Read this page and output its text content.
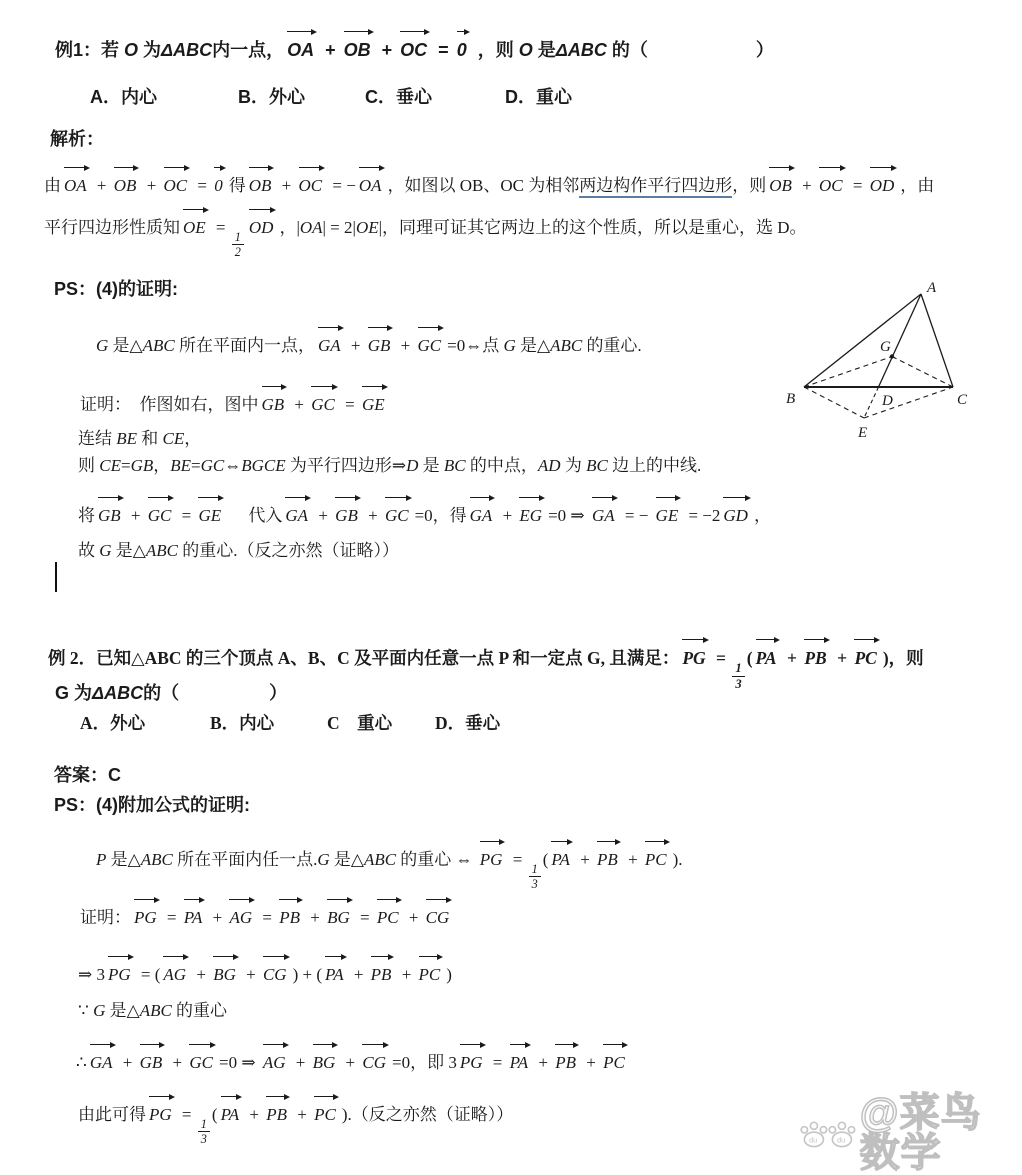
例1：若 O 为ΔABC内一点， OA + OB + OC = 0 ，则 O 是ΔABC 的（　　　　　　）
A．内心	B．外心	C．垂心	D．重心
解析：
由 OA + OB + OC = 0 得 OB + OC = − OA ，如图以 OB、OC 为相邻两边构作平行四边形，则 OB + OC = OD ，由
平行四边形性质知 OE =
$\frac{1}{2}$
OD ，|OA| = 2|OE|，同理可证其它两边上的这个性质，所以是重心，选 D。
PS：(4)的证明:
G 是△ABC 所在平面内一点， GA + GB + GC =0⇔点 G 是△ABC 的重心.
证明：　作图如右，图中 GB + GC = GE
连结 BE 和 CE，
则 CE=GB，BE=GC⇔BGCE 为平行四边形⇒D 是 BC 的中点，AD 为 BC 边上的中线.
将 GB + GC = GE　 代入 GA + GB + GC =0，得 GA + EG =0 ⇒ GA = − GE = −2 GD ，
故 G 是△ABC 的重心.（反之亦然（证略））
A
B	C
D
E
G
例 2．已知△ABC 的三个顶点 A、B、C 及平面内任意一点 P 和一定点 G, 且满足： PG =
$\frac{1}{3}$
( PA + PB + PC )，则
G 为ΔABC的（　　　　　）
A．外心	B．内心	C　重心 D．垂心
答案：C
PS：(4)附加公式的证明:
P 是△ABC 所在平面内任一点.G 是△ABC 的重心 ⇔ PG =
$\frac{1}{3}$
( PA + PB + PC ).
证明： PG = PA + AG = PB + BG = PC + CG
⇒ 3 PG = ( AG + BG + CG ) + ( PA + PB + PC )
∵ G 是△ABC 的重心
∴ GA + GB + GC =0 ⇒ AG + BG + CG =0，即 3 PG = PA + PB + PC
由此可得 PG =
$\frac{1}{3}$
( PA + PB + PC ).（反之亦然（证略））
du du
@菜鸟数学
